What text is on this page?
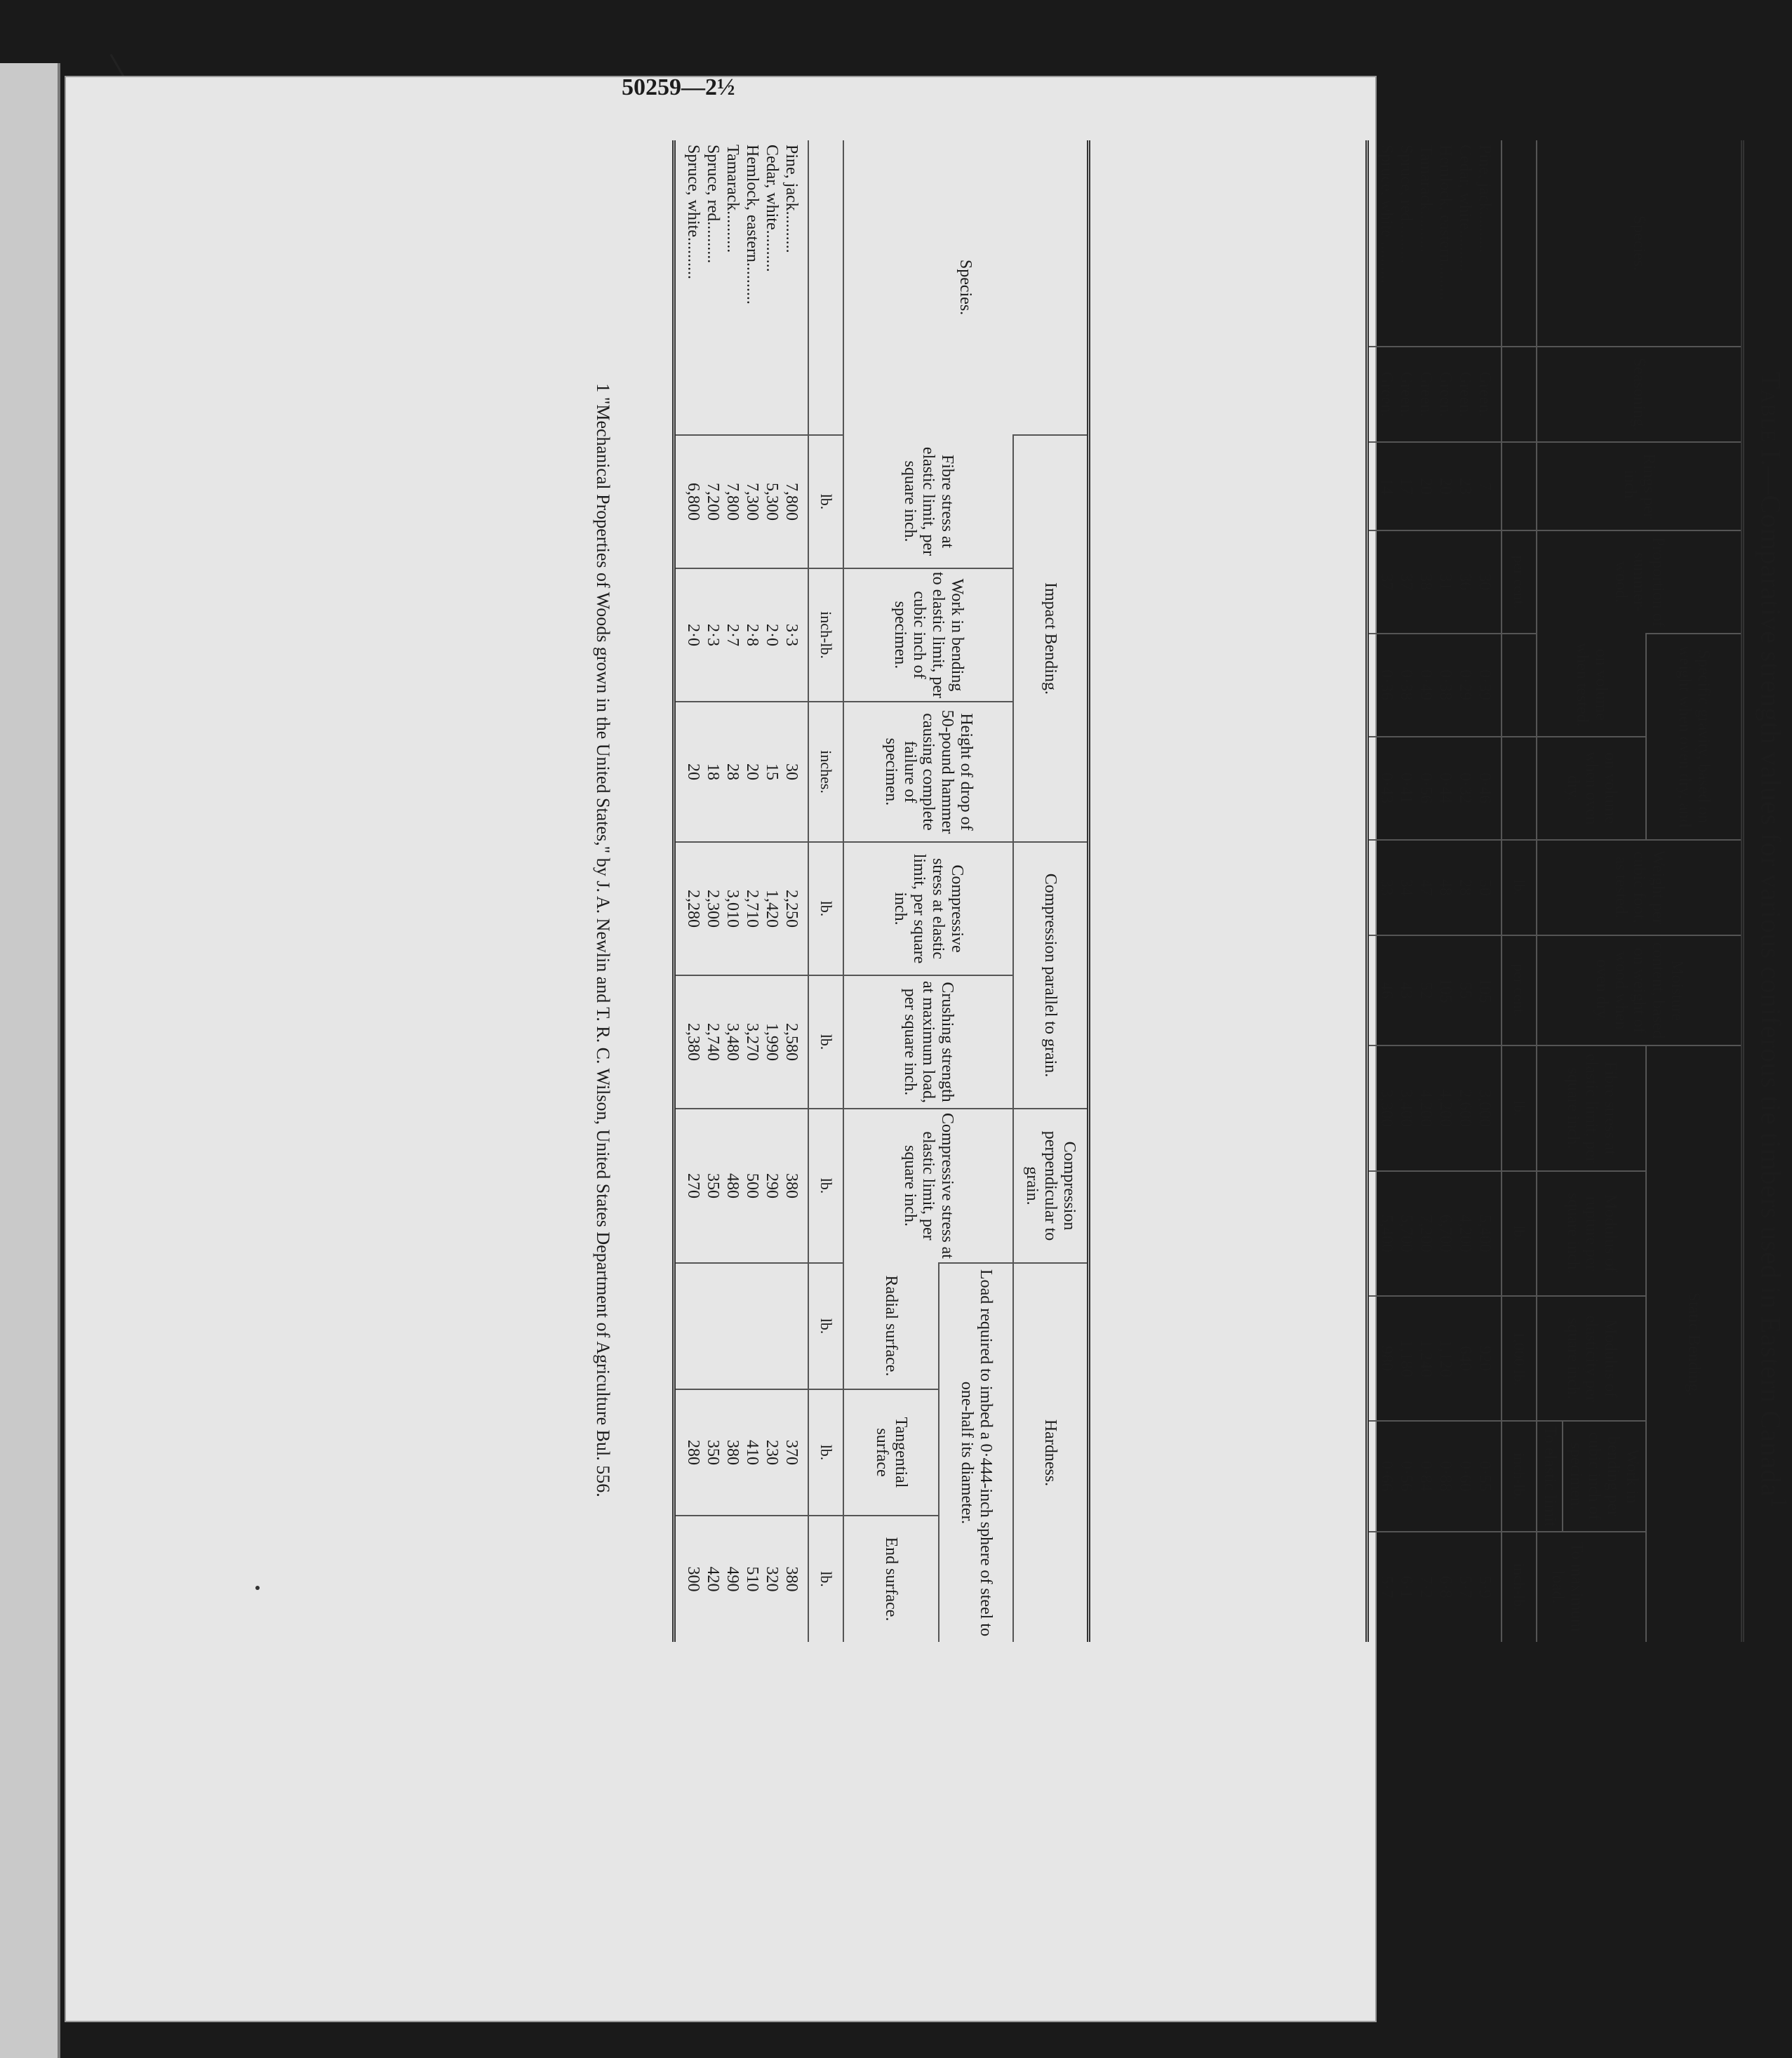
Table I.—Comparative strength values for various coniferous tie timbers used in Eastern Canada$^1$
Species.	Seasoning.	Rings per inch.	Proportion of summer-wood.	Specific gravity, based on weight when oven dry, and		Weight per cubic foot, as tested.	Moisture content, based on weight of wood when oven dry.	Static Bending.				
				on volume when tested.	on volume when oven dry.			Fibre stress at elastic limit, per square inch.	Modulus of rupture per square inch.	Modulus of elasticity per square inch.	Work in bending per cubic inch of specimen.
To elastic limit	To maximum load.
			per cent.			lb.	per cent.	lb.	lb.	1,000 lb.	inch-lb.	inch-lb.
Pine, jack..........	Green.	7	30	0·39	0·46	50	105	3,000	5,400	920	0·55	5·9
Cedar, white..........	Green.	23	36	0·29	0·32	28	55	2,600	4,200	640	0·60	5·7
Hemlock, eastern.........	Green.	20	31	0·38	0·44	48	105	4,200	6,700	1,120	0·88	6·8
Tamarack..........	Green.	20	38	0·49	0·56	47	52	4,200	7,200	1,240	0·84	7·2
Spruce, red..........	Green.	17	37	0·38	0·41	34	43	3,400	5,700	1,180	0·56	6·1
Spruce, white ..........	Green.	14	37	0·36	0·43	33	46	3,300	5,400	980	0·66	5·7
Species.	Impact Bending.			Compression parallel to grain.		Compression perpendicular to grain.	Hardness.		
	Fibre stress at elastic limit, per square inch.	Work in bending to elastic limit, per cubic inch of specimen.	Height of drop of 50-pound hammer causing complete failure of specimen.	Compressive stress at elastic limit, per square inch.	Crushing strength at maximum load, per square inch.	Compressive stress at elastic limit, per square inch.	Load required to imbed a 0·444-inch sphere of steel to one-half its diameter.		
							Radial surface.	Tangential surface	End surface.
	lb.	inch-lb.	inches.	lb.	lb.	lb.	lb.	lb.	lb.
Pine, jack..........	7,800	3·3	30	2,250	2,580	380		370	380
Cedar, white..........	5,300	2·0	15	1,420	1,990	290		230	320
Hemlock, eastern..........	7,300	2·8	20	2,710	3,270	500		410	510
Tamarack..........	7,800	2·7	28	3,010	3,480	480		380	490
Spruce, red..........	7,200	2·3	18	2,300	2,740	350		350	420
Spruce, white..........	6,800	2·0	20	2,280	2,380	270		280	300
1 "Mechanical Properties of Woods grown in the United States," by J. A. Newlin and T. R. C. Wilson, United States Department of Agriculture Bul. 556.
50259—2½
